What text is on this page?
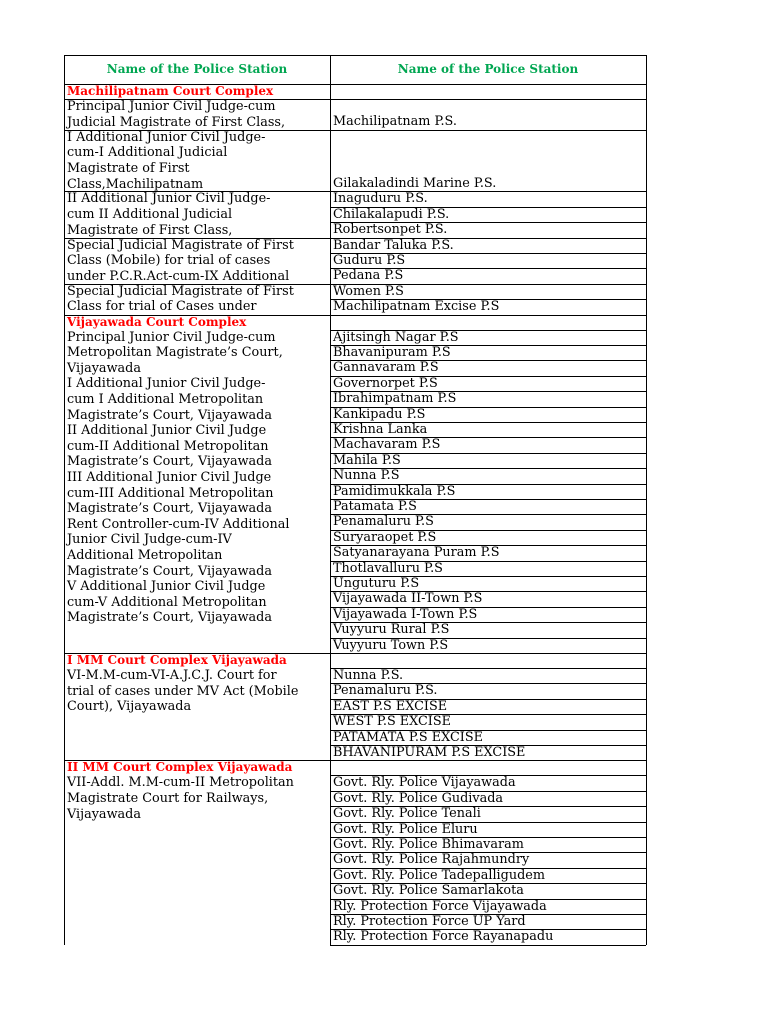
Name of the Police Station	Name of the Police Station
Machilipatnam Court Complex
Machilipatnam P.S.
Gilakaladindi Marine P.S.
Inaguduru P.S.
Chilakalapudi P.S.
Robertsonpet P.S.
Bandar Taluka P.S.
Guduru P.S
Pedana P.S
Women P.S
Machilipatnam Excise P.S
Principal Junior Civil Judge-cum
Judicial Magistrate of First Class,
I Additional Junior Civil Judge-
cum-I Additional Judicial
Magistrate of First
Class,Machilipatnam
II Additional Junior Civil Judge-
cum II Additional Judicial
Magistrate of First Class,
Special Judicial Magistrate of First
Class (Mobile) for trial of cases
under P.C.R.Act-cum-IX Additional
Special Judicial Magistrate of First
Class for trial of Cases under
Vijayawada Court Complex
Ajitsingh Nagar P.S
Bhavanipuram P.S
Gannavaram P.S
Governorpet P.S
Ibrahimpatnam P.S
Kankipadu P.S
Krishna Lanka
Machavaram P.S
Mahila P.S
Nunna P.S
Pamidimukkala P.S
Patamata P.S
Penamaluru P.S
Suryaraopet P.S
Satyanarayana Puram P.S
Thotlavalluru P.S
Unguturu P.S
Vijayawada II-Town P.S
Vijayawada I-Town P.S
Vuyyuru Rural P.S
Vuyyuru Town P.S
Principal Junior Civil Judge-cum
Metropolitan Magistrate’s Court,
Vijayawada
I Additional Junior Civil Judge-
cum I Additional Metropolitan
Magistrate’s Court, Vijayawada
II Additional Junior Civil Judge
cum-II Additional Metropolitan
Magistrate’s Court, Vijayawada
III Additional Junior Civil Judge
cum-III Additional Metropolitan
Magistrate’s Court, Vijayawada
Rent Controller-cum-IV Additional
Junior Civil Judge-cum-IV
Additional Metropolitan
Magistrate’s Court, Vijayawada
V Additional Junior Civil Judge
cum-V Additional Metropolitan
Magistrate’s Court, Vijayawada
I MM Court Complex Vijayawada
Nunna P.S.
Penamaluru P.S.
EAST P.S EXCISE
WEST P.S EXCISE
PATAMATA P.S EXCISE
BHAVANIPURAM P.S EXCISE
VI-M.M-cum-VI-A.J.C.J. Court for
trial of cases under MV Act (Mobile
Court), Vijayawada
II MM Court Complex Vijayawada
Govt. Rly. Police Vijayawada
Govt. Rly. Police Gudivada
Govt. Rly. Police Tenali
Govt. Rly. Police Eluru
Govt. Rly. Police Bhimavaram
Govt. Rly. Police Rajahmundry
Govt. Rly. Police Tadepalligudem
Govt. Rly. Police Samarlakota
Rly. Protection Force Vijayawada
Rly. Protection Force UP Yard
Rly. Protection Force Rayanapadu
VII-Addl. M.M-cum-II Metropolitan
Magistrate Court for Railways,
Vijayawada
